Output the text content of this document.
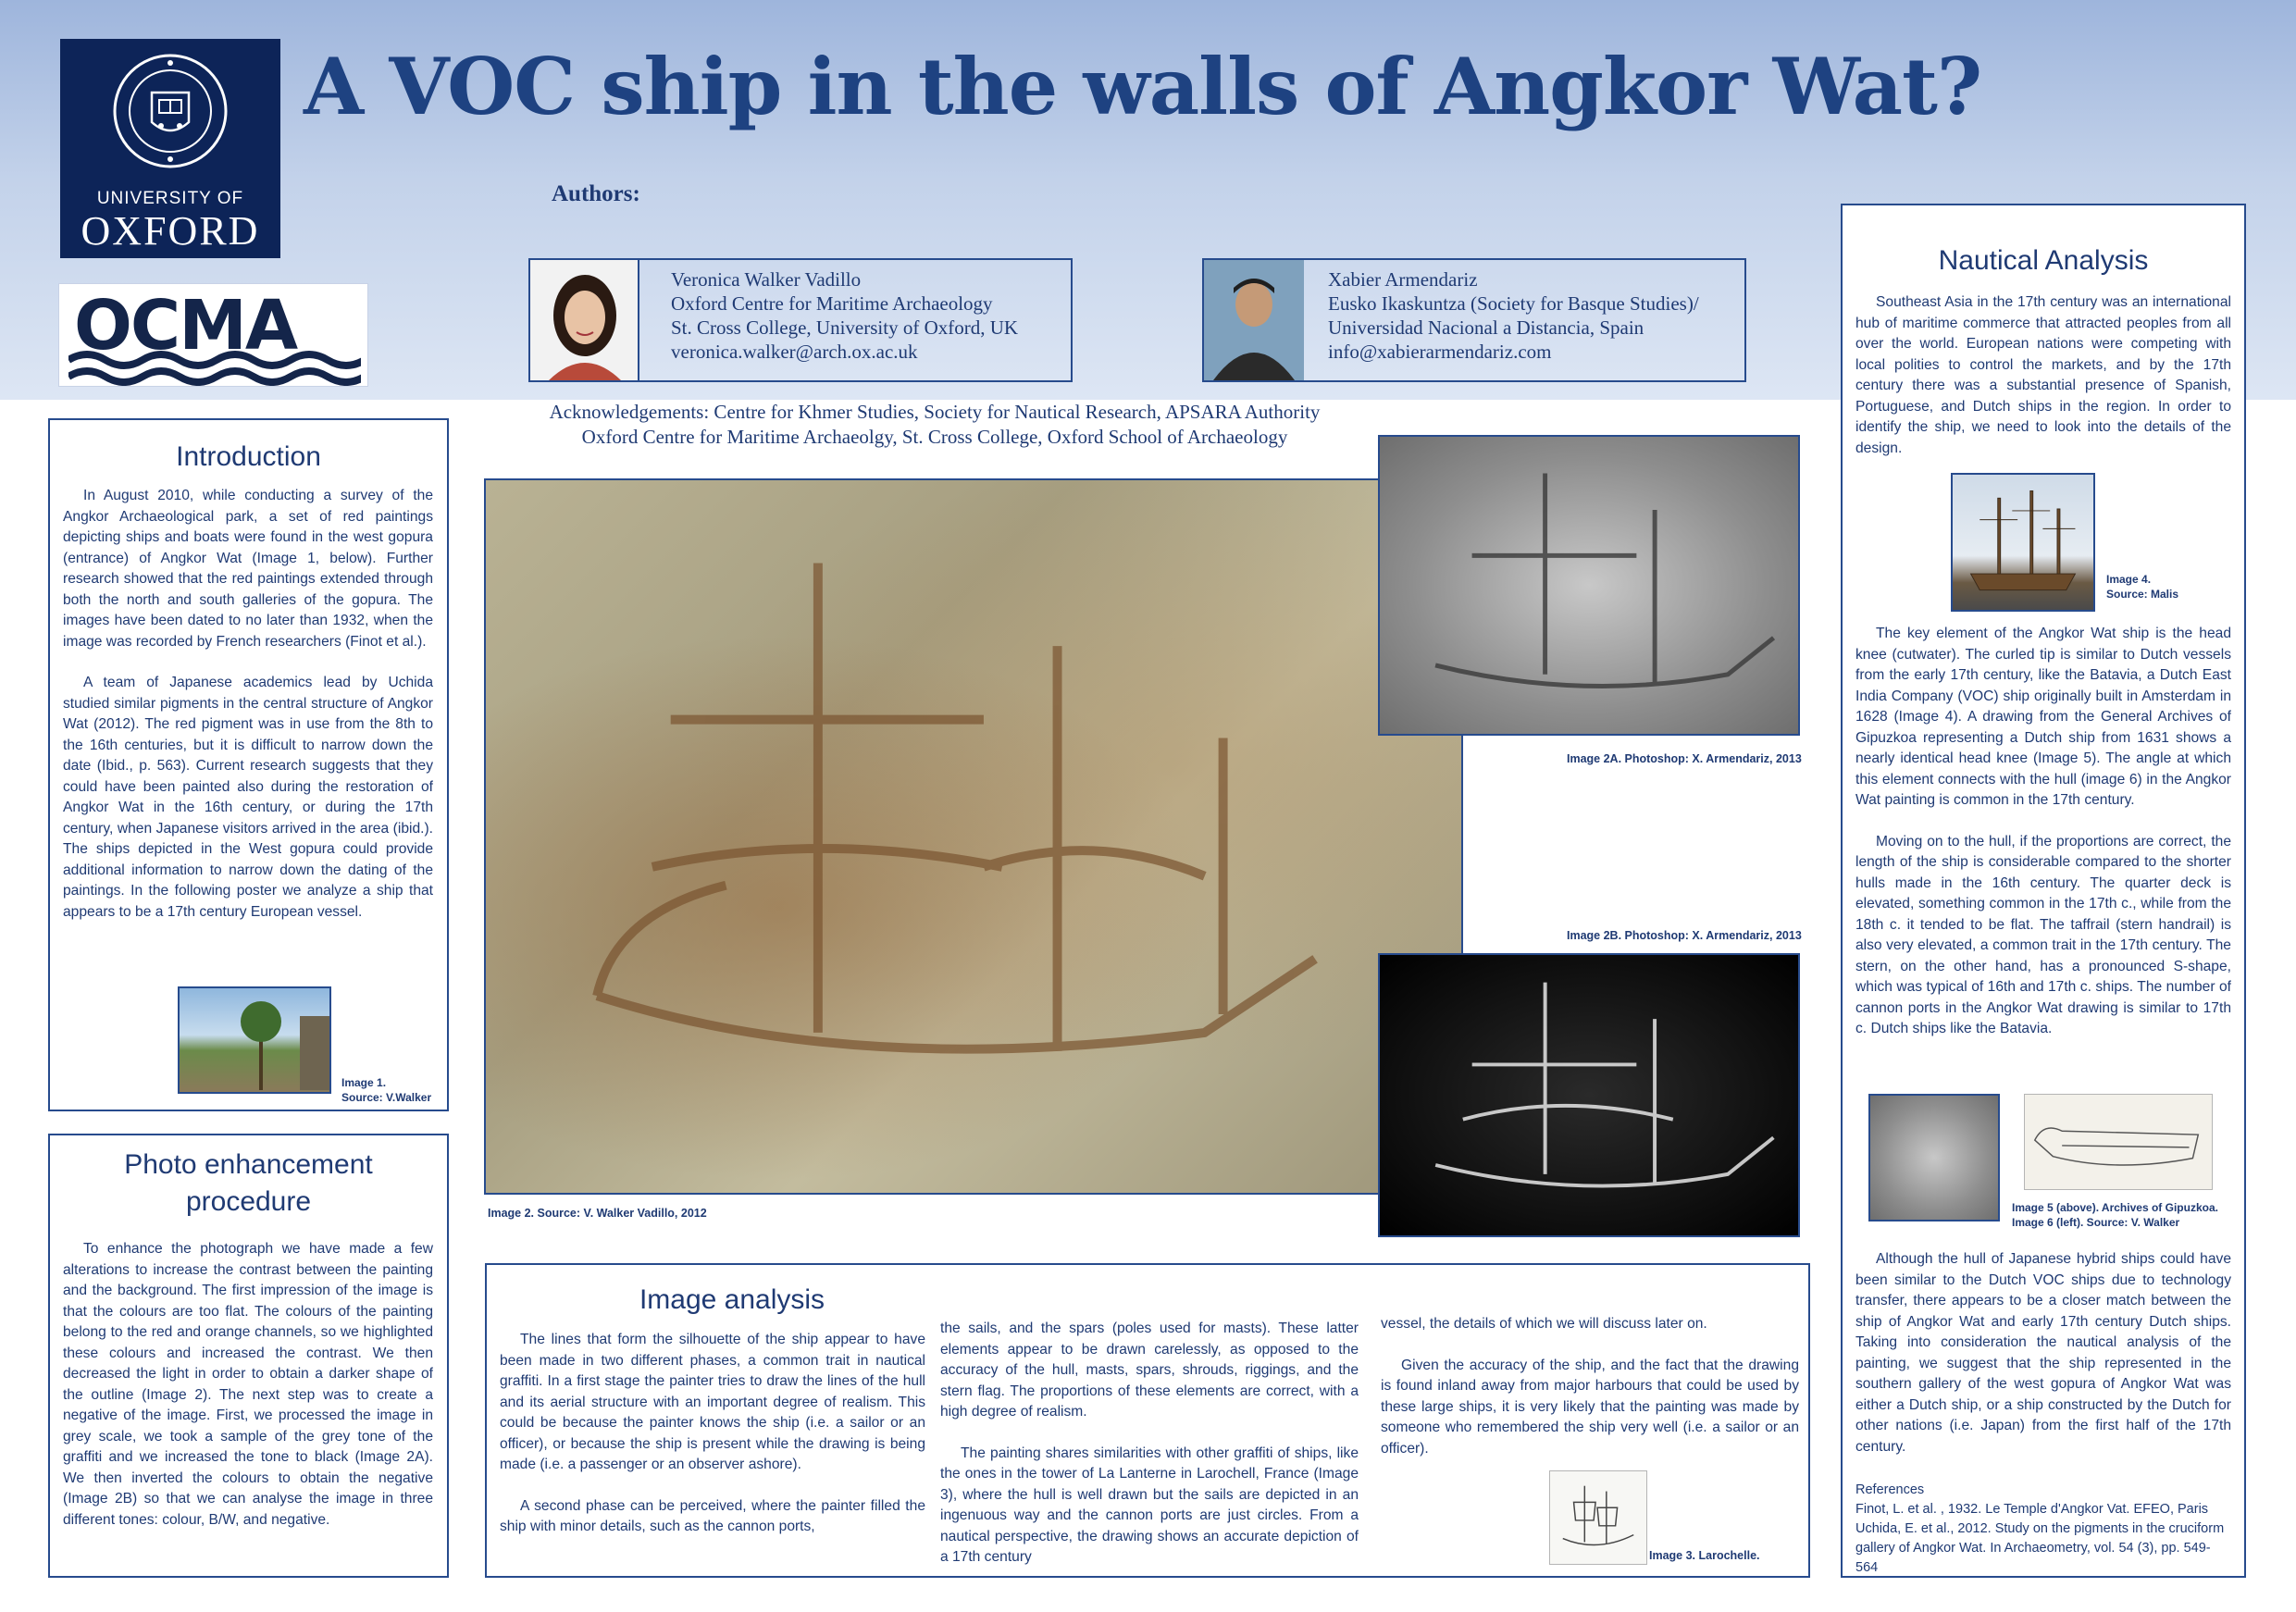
UNIVERSITY OF
OXFORD
OCMA
A VOC ship in the walls of Angkor Wat?
Authors:
Veronica Walker Vadillo
Oxford Centre for Maritime Archaeology
St. Cross College, University of Oxford, UK
veronica.walker@arch.ox.ac.uk
Xabier Armendariz
Eusko Ikaskuntza (Society for Basque Studies)/
Universidad Nacional a Distancia, Spain
info@xabierarmendariz.com
Acknowledgements: Centre for Khmer Studies, Society for Nautical Research, APSARA Authority
Oxford Centre for Maritime Archaeolgy, St. Cross College, Oxford School of Archaeology
Introduction

In August 2010, while conducting a survey of the Angkor Archaeological park, a set of red paintings depicting ships and boats were found in the west gopura (entrance) of Angkor Wat (Image 1, below). Further research showed that the red paintings extended through both the north and south galleries of the gopura. The images have been dated to no later than 1932, when the image was recorded by French researchers (Finot et al.).

A team of Japanese academics lead by Uchida studied similar pigments in the central structure of Angkor Wat (2012). The red pigment was in use from the 8th to the 16th centuries, but it is difficult to narrow down the date (Ibid., p. 563). Current research suggests that they could have been painted also during the restoration of Angkor Wat in the 16th century, or during the 17th century, when Japanese visitors arrived in the area (ibid.). The ships depicted in the West gopura could provide additional information to narrow down the dating of the paintings. In the following poster we analyze a ship that appears to be a 17th century European vessel.

Image 1.
Source: V.Walker
Photo enhancement
procedure

To enhance the photograph we have made a few alterations to increase the contrast between the painting and the background. The first impression of the image is that the colours are too flat. The colours of the painting belong to the red and orange channels, so we highlighted these colours and increased the contrast. We then decreased the light in order to obtain a darker shape of the outline (Image 2). The next step was to create a negative of the image. First, we processed the image in grey scale, we took a sample of the grey tone of the graffiti and we increased the tone to black (Image 2A). We then inverted the colours to obtain the negative (Image 2B) so that we can analyse the image in three different tones: colour, B/W, and negative.

Image 2. Source: V. Walker Vadillo, 2012
Image 2A. Photoshop: X. Armendariz, 2013
Image 2B. Photoshop: X. Armendariz, 2013
Image analysis

The lines that form the silhouette of the ship appear to have been made in two different phases, a common trait in nautical graffiti. In a first stage the painter tries to draw the lines of the hull and its aerial structure with an important degree of realism. This could be because the painter knows the ship (i.e. a sailor or an officer), or because the ship is present while the drawing is being made (i.e. a passenger or an observer ashore).

A second phase can be perceived, where the painter filled the ship with minor details, such as the cannon ports,

the sails, and the spars (poles used for masts). These latter elements appear to be drawn carelessly, as opposed to the accuracy of the hull, masts, spars, shrouds, riggings, and the stern flag. The proportions of these elements are correct, with a high degree of realism.

The painting shares similarities with other graffiti of ships, like the ones in the tower of La Lanterne in Larochell, France (Image 3), where the hull is well drawn but the sails are depicted in an ingenuous way and the cannon ports are just circles. From a nautical perspective, the drawing shows an accurate depiction of a 17th century

vessel, the details of which we will discuss later on.

Given the accuracy of the ship, and the fact that the drawing is found inland away from major harbours that could be used by these large ships, it is very likely that the painting was made by someone who remembered the ship very well (i.e. a sailor or an officer).

Image 3. Larochelle.
Nautical Analysis

Southeast Asia in the 17th century was an international hub of maritime commerce that attracted peoples from all over the world. European nations were competing with local polities to control the markets, and by the 17th century there was a substantial presence of Spanish, Portuguese, and Dutch ships in the region. In order to identify the ship, we need to look into the details of the design.

Image 4.
Source: Malis

The key element of the Angkor Wat ship is the head knee (cutwater). The curled tip is similar to Dutch vessels from the early 17th century, like the Batavia, a Dutch East India Company (VOC) ship originally built in Amsterdam in 1628 (Image 4). A drawing from the General Archives of Gipuzkoa representing a Dutch ship from 1631 shows a nearly identical head knee (Image 5). The angle at which this element connects with the hull (image 6) in the Angkor Wat painting is common in the 17th century.

Moving on to the hull, if the proportions are correct, the length of the ship is considerable compared to the shorter hulls made in the 16th century. The quarter deck is elevated, something common in the 17th c., while from the 18th c. it tended to be flat. The taffrail (stern handrail) is also very elevated, a common trait in the 17th century. The stern, on the other hand, has a pronounced S-shape, which was typical of 16th and 17th c. ships. The number of cannon ports in the Angkor Wat drawing is similar to 17th c. Dutch ships like the Batavia.

Image 5 (above). Archives of Gipuzkoa.
Image 6 (left). Source: V. Walker

Although the hull of Japanese hybrid ships could have been similar to the Dutch VOC ships due to technology transfer, there appears to be a closer match between the ship of Angkor Wat and early 17th century Dutch ships. Taking into consideration the nautical analysis of the painting, we suggest that the ship represented in the southern gallery of the west gopura of Angkor Wat was either a Dutch ship, or a ship constructed by the Dutch for other nations (i.e. Japan) from the first half of the 17th century.

References
Finot, L. et al. , 1932. Le Temple d'Angkor Vat. EFEO, Paris
Uchida, E. et al., 2012. Study on the pigments in the cruciform gallery of Angkor Wat. In Archaeometry, vol. 54 (3), pp. 549-564
